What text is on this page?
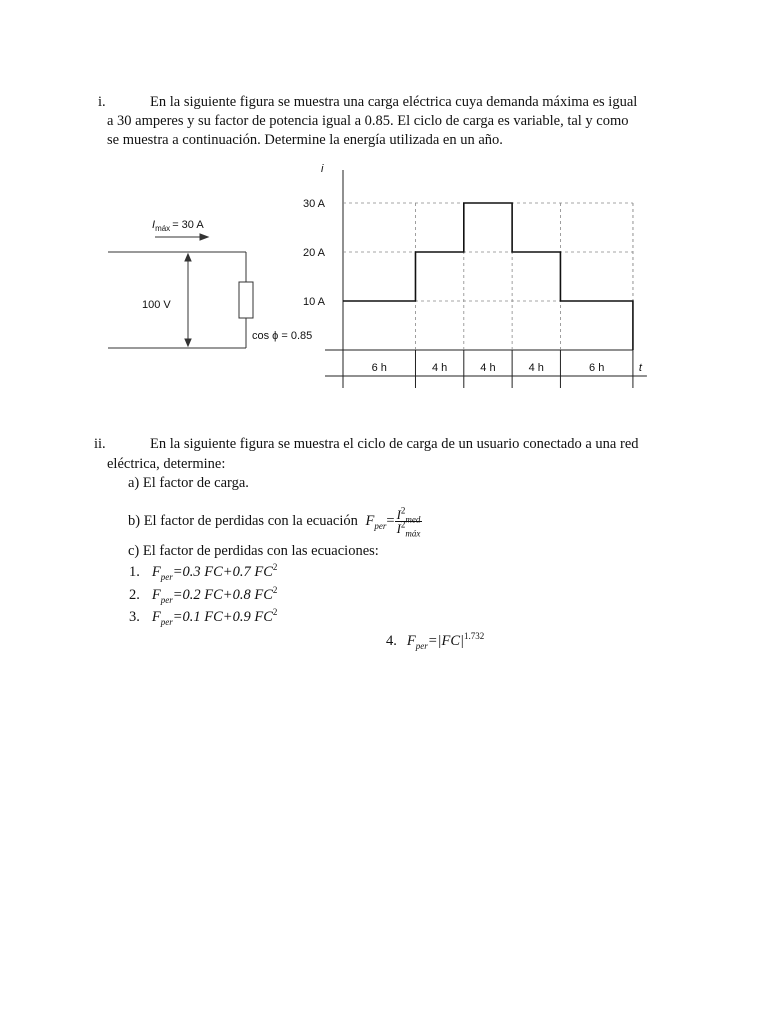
i.	En la siguiente figura se muestra una carga eléctrica cuya demanda máxima es igual
a 30 amperes y su factor de potencia igual a 0.85. El ciclo de carga es variable, tal y como
se muestra a continuación. Determine la energía utilizada en un año.
$I_{máx} = 30$ A
100 V
cos ϕ = 0.85
i
t
30 A
20 A
10 A
6 h	4 h	4 h	4 h	6 h
ii.	En la siguiente figura se muestra el ciclo de carga de un usuario conectado a una red
eléctrica, determine:
a) El factor de carga.
b) El factor de perdidas con la ecuación $F_{per}= \frac{I^2_{med}}{I^2_{máx}}$
c) El factor de perdidas con las ecuaciones:
1. $F_{per}=0.3$ FC+0.7 $FC^2$
2. $F_{per}=0.2$ FC+0.8 $FC^2$
3. $F_{per}=0.1$ FC+0.9 $FC^2$
4. $F_{per}=|FC|^{1.732}$
